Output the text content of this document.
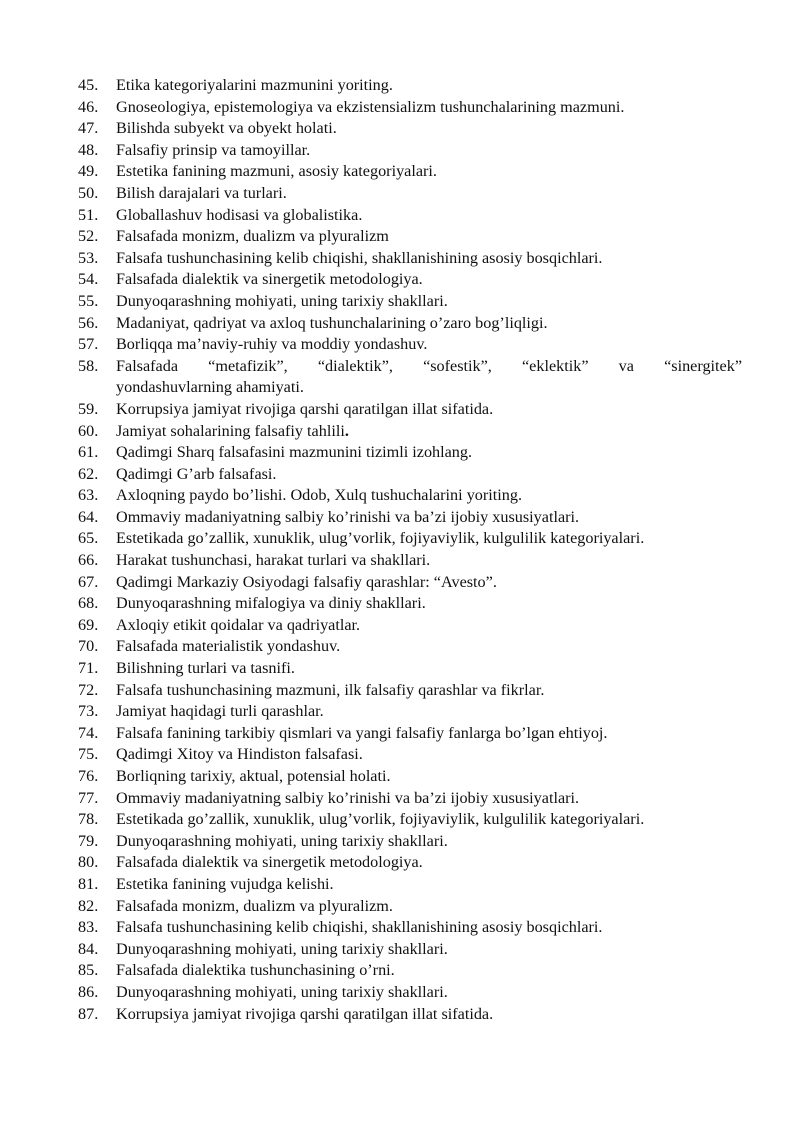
45.	Etika kategoriyalarini mazmunini yoriting.
46.	Gnoseologiya, epistemologiya va ekzistensializm tushunchalarining mazmuni.
47.	Bilishda subyekt va obyekt holati.
48.	Falsafiy prinsip va tamoyillar.
49.	Estetika fanining mazmuni, asosiy kategoriyalari.
50.	Bilish darajalari va turlari.
51.	Globallashuv hodisasi va globalistika.
52.	Falsafada monizm, dualizm va plyuralizm
53.	Falsafa tushunchasining kelib chiqishi, shakllanishining asosiy bosqichlari.
54.	Falsafada dialektik va sinergetik metodologiya.
55.	Dunyoqarashning mohiyati, uning tarixiy shakllari.
56.	Madaniyat, qadriyat va axloq tushunchalarining o’zaro bog’liqligi.
57.	Borliqqa ma’naviy-ruhiy va moddiy yondashuv.
58.	Falsafada “metafizik”, “dialektik”, “sofestik”, “eklektik” va “sinergitek”
yondashuvlarning ahamiyati.
59.	Korrupsiya jamiyat rivojiga qarshi qaratilgan illat sifatida.
60.	Jamiyat sohalarining falsafiy tahlili.
61.	Qadimgi Sharq falsafasini mazmunini tizimli izohlang.
62.	Qadimgi G’arb falsafasi.
63.	Axloqning paydo bo’lishi. Odob, Xulq tushuchalarini yoriting.
64.	Ommaviy madaniyatning salbiy ko’rinishi va ba’zi ijobiy xususiyatlari.
65.	Estetikada go’zallik, xunuklik, ulug’vorlik, fojiyaviylik, kulgulilik kategoriyalari.
66.	Harakat tushunchasi, harakat turlari va shakllari.
67.	Qadimgi Markaziy Osiyodagi falsafiy qarashlar: “Avesto”.
68.	Dunyoqarashning mifalogiya va diniy shakllari.
69.	Axloqiy etikit qoidalar va qadriyatlar.
70.	Falsafada materialistik yondashuv.
71.	Bilishning turlari va tasnifi.
72.	Falsafa tushunchasining mazmuni, ilk falsafiy qarashlar va fikrlar.
73.	Jamiyat haqidagi turli qarashlar.
74.	Falsafa fanining tarkibiy qismlari va yangi falsafiy fanlarga bo’lgan ehtiyoj.
75.	Qadimgi Xitoy va Hindiston falsafasi.
76.	Borliqning tarixiy, aktual, potensial holati.
77.	Ommaviy madaniyatning salbiy ko’rinishi va ba’zi ijobiy xususiyatlari.
78.	Estetikada go’zallik, xunuklik, ulug’vorlik, fojiyaviylik, kulgulilik kategoriyalari.
79.	Dunyoqarashning mohiyati, uning tarixiy shakllari.
80.	Falsafada dialektik va sinergetik metodologiya.
81.	Estetika fanining vujudga kelishi.
82.	Falsafada monizm, dualizm va plyuralizm.
83.	Falsafa tushunchasining kelib chiqishi, shakllanishining asosiy bosqichlari.
84.	Dunyoqarashning mohiyati, uning tarixiy shakllari.
85.	Falsafada dialektika tushunchasining o’rni.
86.	Dunyoqarashning mohiyati, uning tarixiy shakllari.
87.	Korrupsiya jamiyat rivojiga qarshi qaratilgan illat sifatida.
